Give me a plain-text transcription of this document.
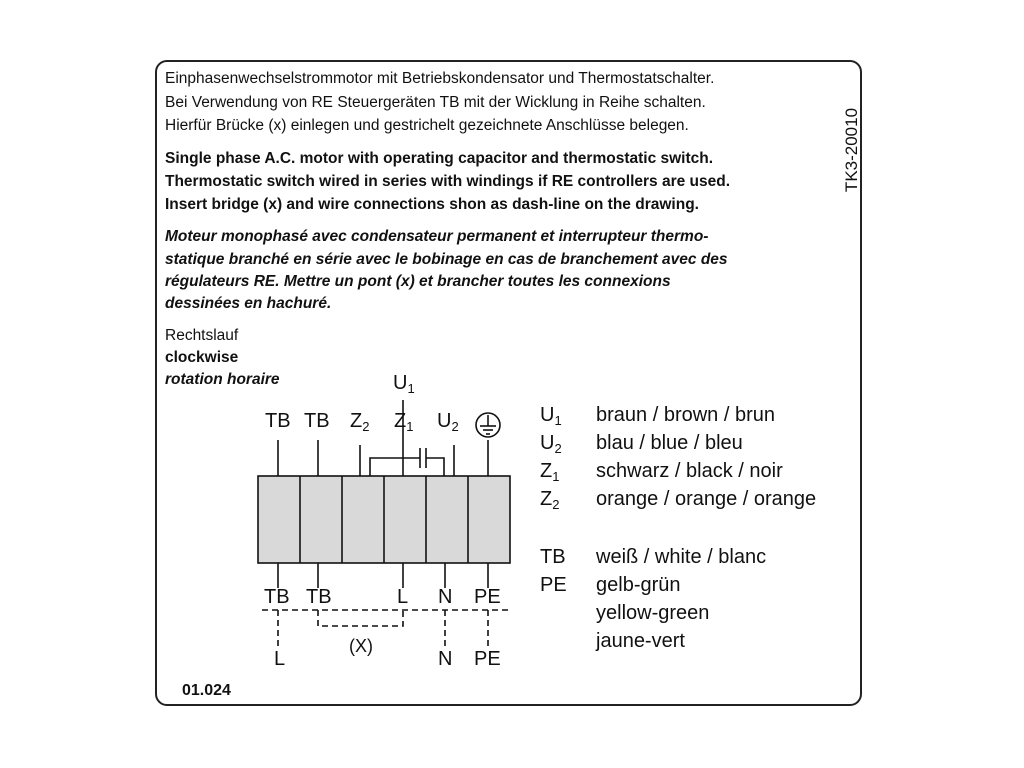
Einphasenwechselstrommotor mit Betriebskondensator und Thermostatschalter.
Bei Verwendung von RE Steuergeräten TB mit der Wicklung in Reihe schalten.
Hierfür Brücke (x) einlegen und gestrichelt gezeichnete Anschlüsse belegen.
Single phase A.C. motor with operating capacitor and thermostatic switch.
Thermostatic switch wired in series with windings if RE controllers are used.
Insert bridge (x) and wire connections shon as dash-line on the drawing.
Moteur monophasé avec condensateur permanent et interrupteur thermo-
statique branché en série avec le bobinage en cas de branchement avec des
régulateurs RE. Mettre un pont (x) et brancher toutes les connexions
dessinées en hachuré.
TK3-20010
Rechtslauf
clockwise
rotation horaire	$U_1$
TB TB $Z_2$ $Z_1$ $U_2$
TB TB	L N PE
(X)
L	N PE
$U_1$ braun / brown / brun
$U_2$ blau / blue / bleu
$Z_1$ schwarz / black / noir
$Z_2$ orange / orange / orange
TB weiß / white / blanc
PE gelb-grün
yellow-green
jaune-vert
01.024
